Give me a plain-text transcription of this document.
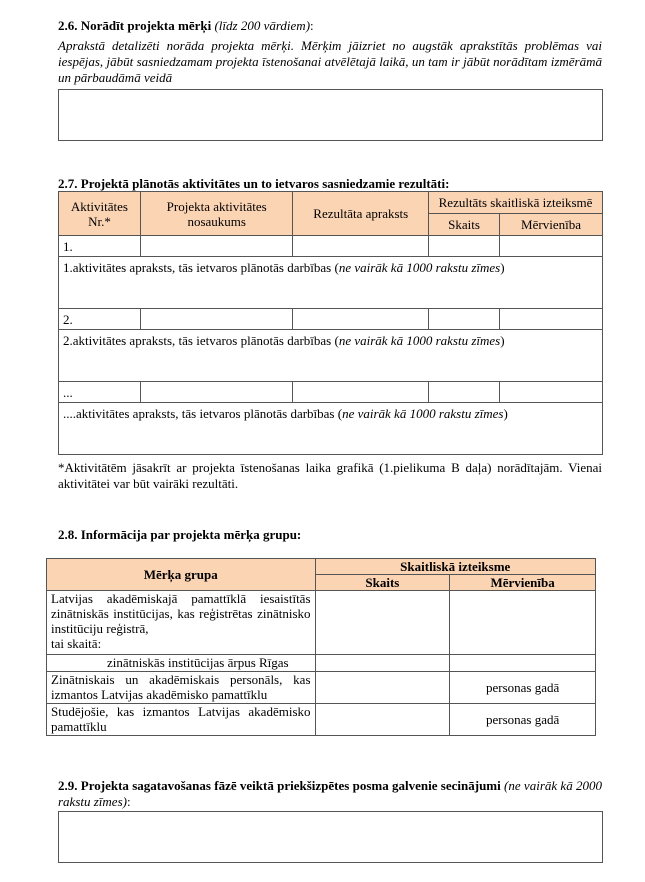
2.6. Norādīt projekta mērķi (līdz 200 vārdiem):
Aprakstā detalizēti norāda projekta mērķi. Mērķim jāizriet no augstāk aprakstītās problēmas vai iespējas, jābūt sasniedzamam projekta īstenošanai atvēlētajā laikā, un tam ir jābūt norādītam izmērāmā un pārbaudāmā veidā
2.7. Projektā plānotās aktivitātes un to ietvaros sasniedzamie rezultāti:
Aktivitātes Nr.*	Projekta aktivitātes nosaukums	Rezultāta apraksts	Rezultāts skaitliskā izteiksmē	
			Skaits	Mērvienība
1.				
1.aktivitātes apraksts, tās ietvaros plānotās darbības (ne vairāk kā 1000 rakstu zīmes)				
2.				
2.aktivitātes apraksts, tās ietvaros plānotās darbības (ne vairāk kā 1000 rakstu zīmes)				
...				
....aktivitātes apraksts, tās ietvaros plānotās darbības (ne vairāk kā 1000 rakstu zīmes)				
*Aktivitātēm jāsakrīt ar projekta īstenošanas laika grafikā (1.pielikuma B daļa) norādītajām. Vienai aktivitātei var būt vairāki rezultāti.
2.8. Informācija par projekta mērķa grupu:
Mērķa grupa	Skaitliskā izteiksme	
	Skaits	Mērvienība
Latvijas akadēmiskajā pamattīklā iesaistītās zinātniskās institūcijas, kas reģistrētas zinātnisko institūciju reģistrā,
tai skaitā:		
zinātniskās institūcijas ārpus Rīgas		
Zinātniskais un akadēmiskais personāls, kas izmantos Latvijas akadēmisko pamattīklu		personas gadā
Studējošie, kas izmantos Latvijas akadēmisko pamattīklu		personas gadā
2.9. Projekta sagatavošanas fāzē veiktā priekšizpētes posma galvenie secinājumi (ne vairāk kā 2000 rakstu zīmes):
